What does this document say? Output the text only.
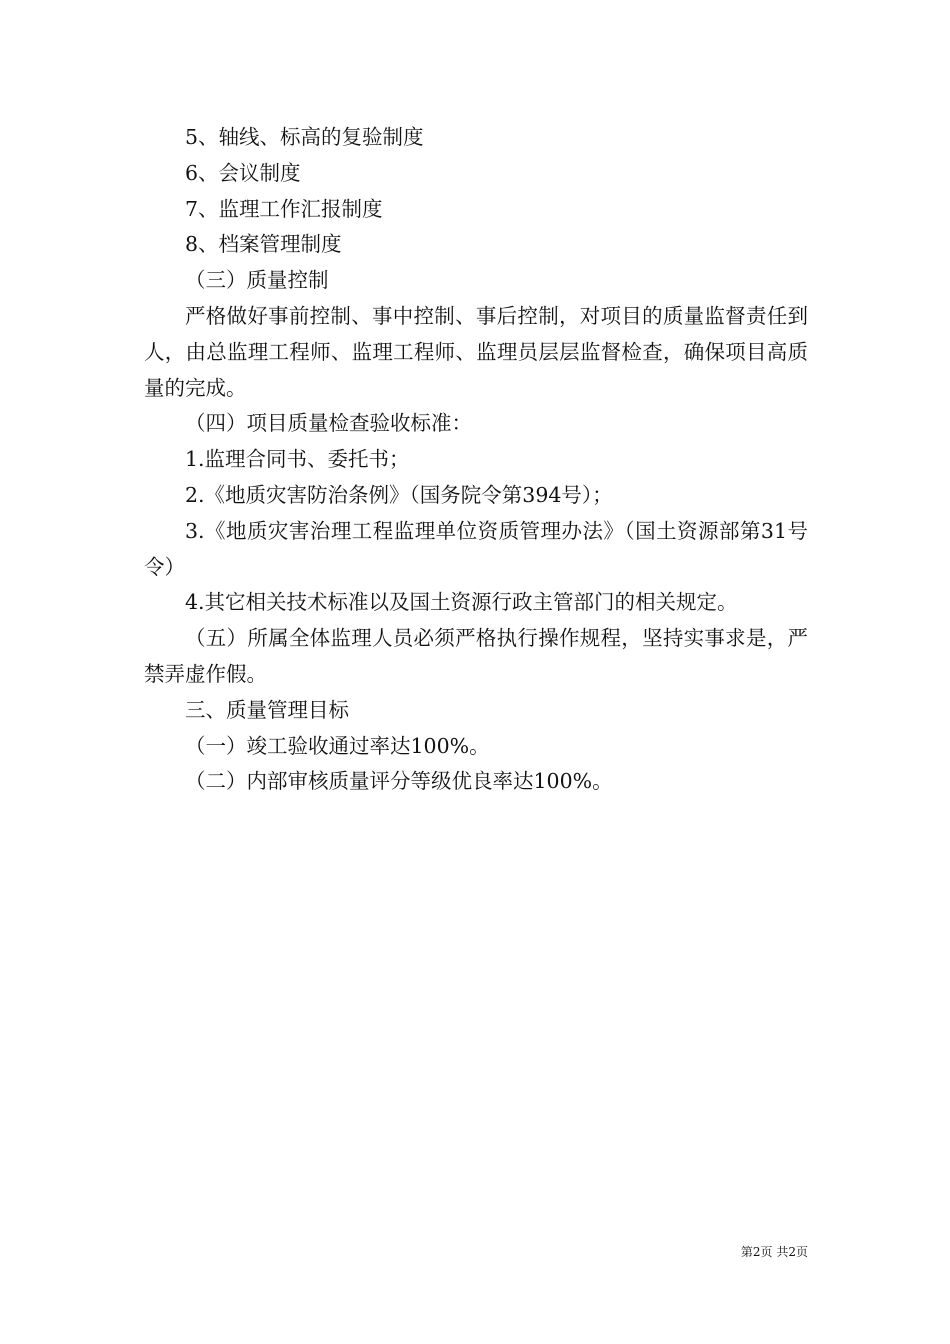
5、轴线、标高的复验制度

6、会议制度

7、监理工作汇报制度

8、档案管理制度

（三）质量控制

严格做好事前控制、事中控制、事后控制，对项目的质量监督责任到人，由总监理工程师、监理工程师、监理员层层监督检查，确保项目高质量的完成。

（四）项目质量检查验收标准：

1.监理合同书、委托书；

2.《地质灾害防治条例》（国务院令第394号）；

3.《地质灾害治理工程监理单位资质管理办法》（国土资源部第31号令）

4.其它相关技术标准以及国土资源行政主管部门的相关规定。

（五）所属全体监理人员必须严格执行操作规程，坚持实事求是，严禁弄虚作假。

三、质量管理目标

（一）竣工验收通过率达100%。

（二）内部审核质量评分等级优良率达100%。

第2页 共2页
